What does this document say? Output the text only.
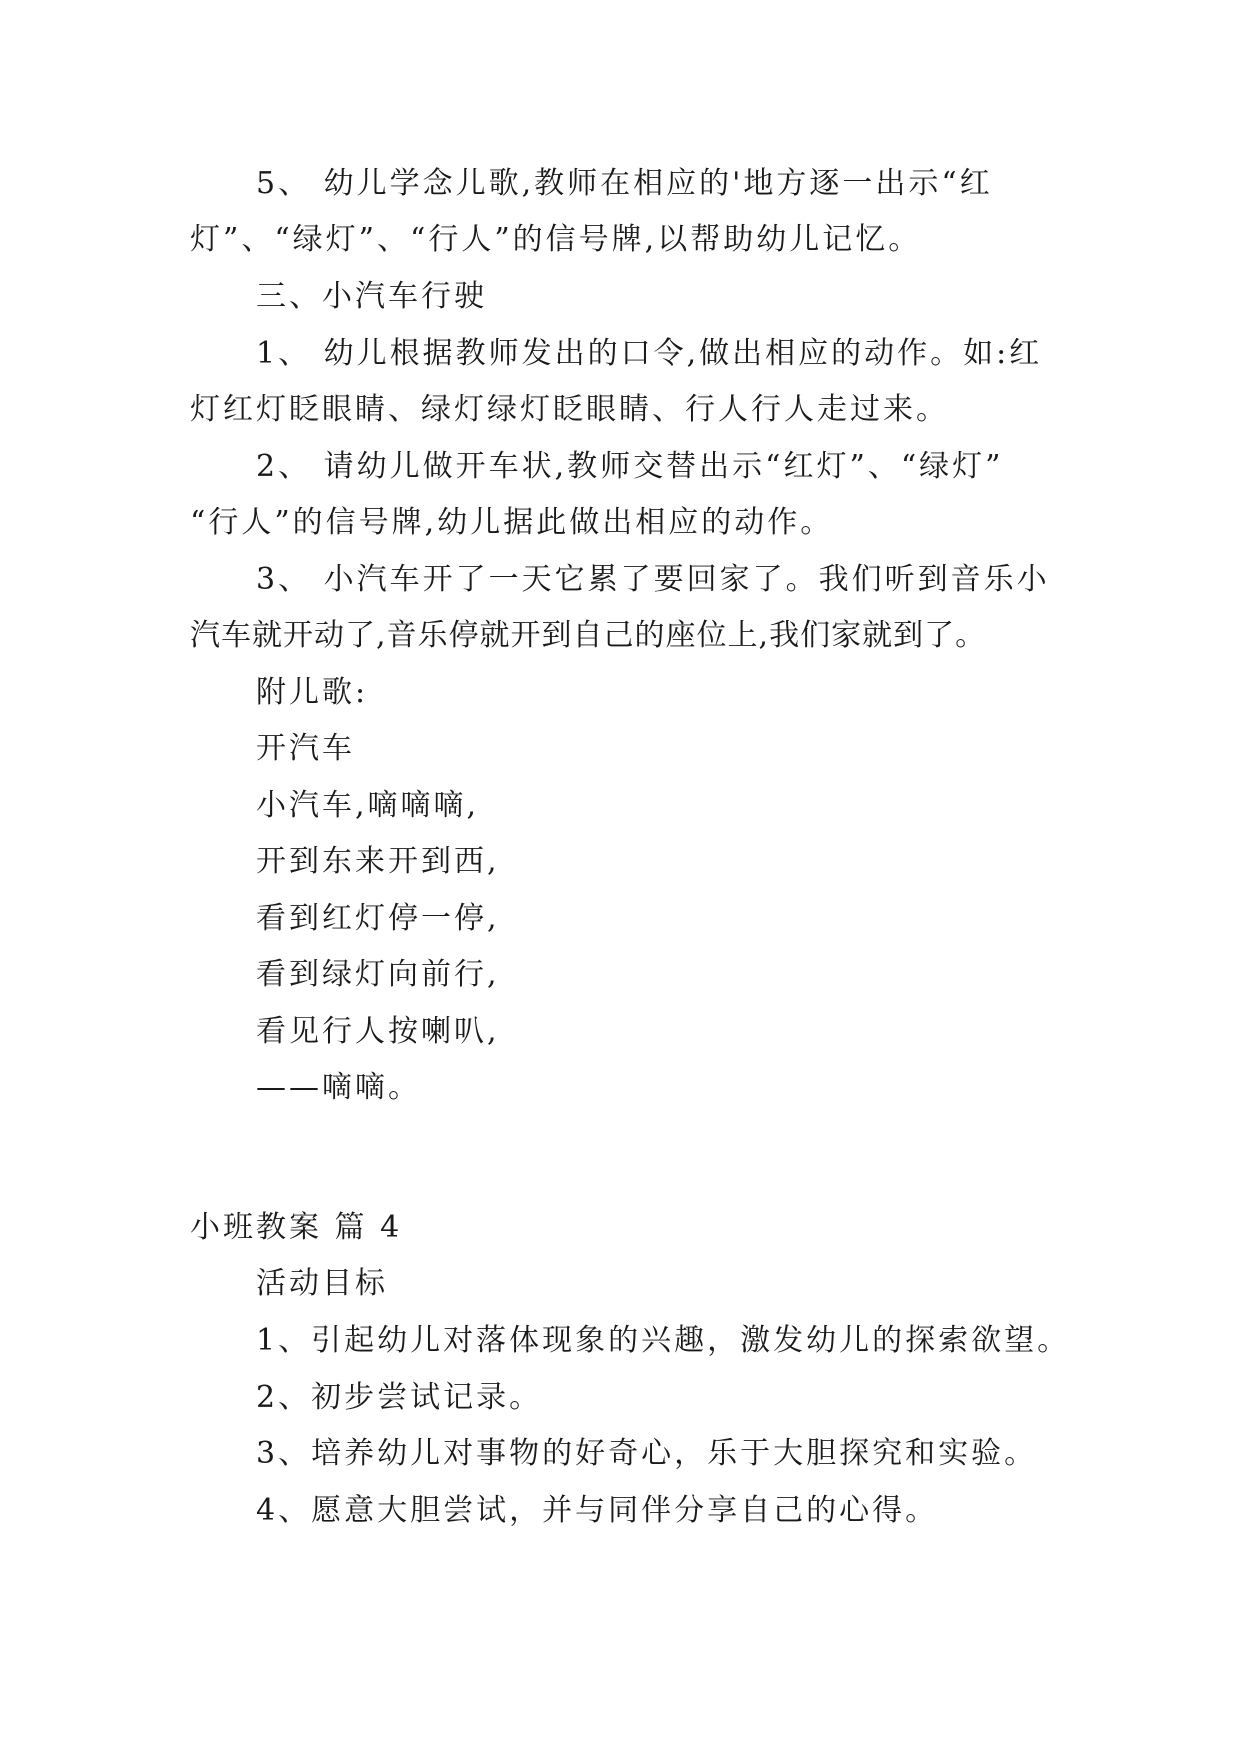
5、 幼儿学念儿歌,教师在相应的'地方逐一出示“红
灯”、“绿灯”、“行人”的信号牌,以帮助幼儿记忆。
三、小汽车行驶
1、 幼儿根据教师发出的口令,做出相应的动作。如:红
灯红灯眨眼睛、绿灯绿灯眨眼睛、行人行人走过来。
2、 请幼儿做开车状,教师交替出示“红灯”、“绿灯”
“行人”的信号牌,幼儿据此做出相应的动作。
3、 小汽车开了一天它累了要回家了。我们听到音乐小
汽车就开动了,音乐停就开到自己的座位上,我们家就到了。
附儿歌:
开汽车
小汽车,嘀嘀嘀,
开到东来开到西,
看到红灯停一停,
看到绿灯向前行,
看见行人按喇叭,
——嘀嘀。
小班教案 篇 4
活动目标
1、引起幼儿对落体现象的兴趣，激发幼儿的探索欲望。
2、初步尝试记录。
3、培养幼儿对事物的好奇心，乐于大胆探究和实验。
4、愿意大胆尝试，并与同伴分享自己的心得。
